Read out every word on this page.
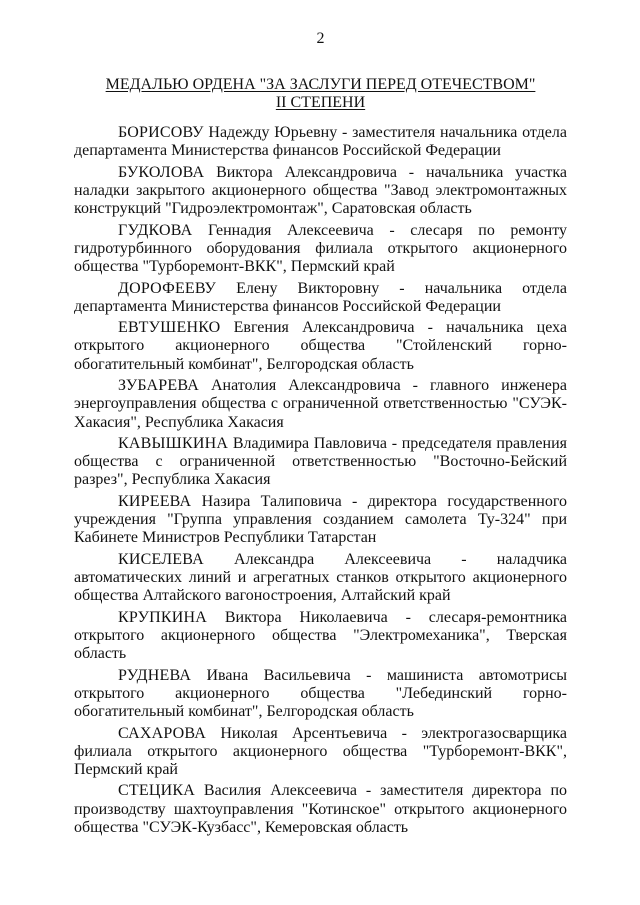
2
МЕДАЛЬЮ ОРДЕНА "ЗА ЗАСЛУГИ ПЕРЕД ОТЕЧЕСТВОМ"
II СТЕПЕНИ

БОРИСОВУ Надежду Юрьевну - заместителя начальника отдела департамента Министерства финансов Российской Федерации

БУКОЛОВА Виктора Александровича - начальника участка наладки закрытого акционерного общества "Завод электромонтажных конструкций "Гидроэлектромонтаж", Саратовская область

ГУДКОВА Геннадия Алексеевича - слесаря по ремонту гидротурбинного оборудования филиала открытого акционерного общества "Турборемонт-ВКК", Пермский край

ДОРОФЕЕВУ Елену Викторовну - начальника отдела департамента Министерства финансов Российской Федерации

ЕВТУШЕНКО Евгения Александровича - начальника цеха открытого акционерного общества "Стойленский горно-обогатительный комбинат", Белгородская область

ЗУБАРЕВА Анатолия Александровича - главного инженера энергоуправления общества с ограниченной ответственностью "СУЭК-Хакасия", Республика Хакасия

КАВЫШКИНА Владимира Павловича - председателя правления общества с ограниченной ответственностью "Восточно-Бейский разрез", Республика Хакасия

КИРЕЕВА Назира Талиповича - директора государственного учреждения "Группа управления созданием самолета Ту-324" при Кабинете Министров Республики Татарстан

КИСЕЛЕВА Александра Алексеевича - наладчика автоматических линий и агрегатных станков открытого акционерного общества Алтайского вагоностроения, Алтайский край

КРУПКИНА Виктора Николаевича - слесаря-ремонтника открытого акционерного общества "Электромеханика", Тверская область

РУДНЕВА Ивана Васильевича - машиниста автомотрисы открытого акционерного общества "Лебединский горно-обогатительный комбинат", Белгородская область

САХАРОВА Николая Арсентьевича - электрогазосварщика филиала открытого акционерного общества "Турборемонт-ВКК", Пермский край

СТЕЦИКА Василия Алексеевича - заместителя директора по производству шахтоуправления "Котинское" открытого акционерного общества "СУЭК-Кузбасс", Кемеровская область
